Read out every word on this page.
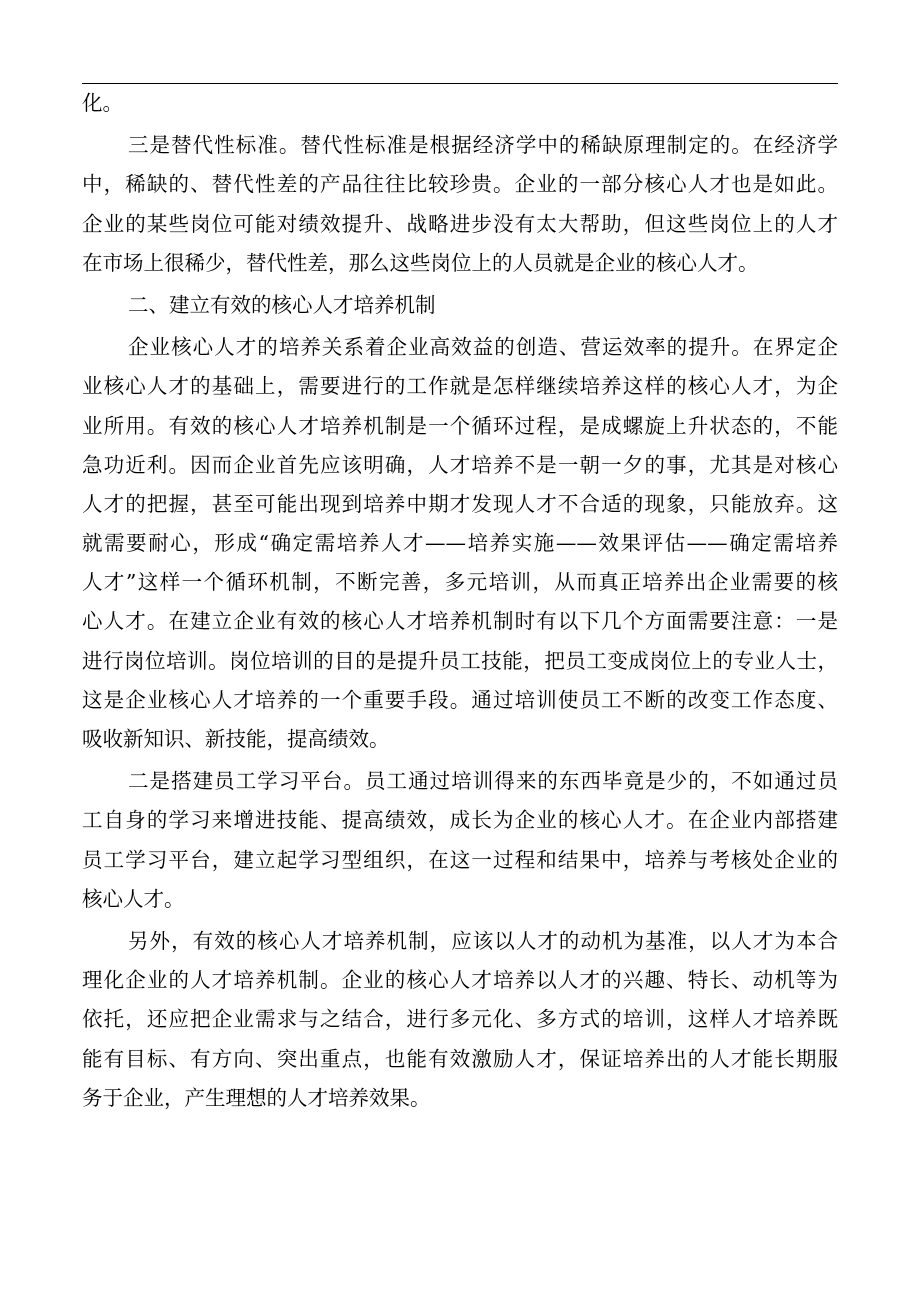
化。
三是替代性标准。替代性标准是根据经济学中的稀缺原理制定的。在经济学
中，稀缺的、替代性差的产品往往比较珍贵。企业的一部分核心人才也是如此。
企业的某些岗位可能对绩效提升、战略进步没有太大帮助，但这些岗位上的人才
在市场上很稀少，替代性差，那么这些岗位上的人员就是企业的核心人才。
二、建立有效的核心人才培养机制
企业核心人才的培养关系着企业高效益的创造、营运效率的提升。在界定企
业核心人才的基础上，需要进行的工作就是怎样继续培养这样的核心人才，为企
业所用。有效的核心人才培养机制是一个循环过程，是成螺旋上升状态的，不能
急功近利。因而企业首先应该明确，人才培养不是一朝一夕的事，尤其是对核心
人才的把握，甚至可能出现到培养中期才发现人才不合适的现象，只能放弃。这
就需要耐心，形成“确定需培养人才——培养实施——效果评估——确定需培养
人才”这样一个循环机制，不断完善，多元培训，从而真正培养出企业需要的核
心人才。在建立企业有效的核心人才培养机制时有以下几个方面需要注意：一是
进行岗位培训。岗位培训的目的是提升员工技能，把员工变成岗位上的专业人士，
这是企业核心人才培养的一个重要手段。通过培训使员工不断的改变工作态度、
吸收新知识、新技能，提高绩效。
二是搭建员工学习平台。员工通过培训得来的东西毕竟是少的，不如通过员
工自身的学习来增进技能、提高绩效，成长为企业的核心人才。在企业内部搭建
员工学习平台，建立起学习型组织，在这一过程和结果中，培养与考核处企业的
核心人才。
另外，有效的核心人才培养机制，应该以人才的动机为基准，以人才为本合
理化企业的人才培养机制。企业的核心人才培养以人才的兴趣、特长、动机等为
依托，还应把企业需求与之结合，进行多元化、多方式的培训，这样人才培养既
能有目标、有方向、突出重点，也能有效激励人才，保证培养出的人才能长期服
务于企业，产生理想的人才培养效果。
